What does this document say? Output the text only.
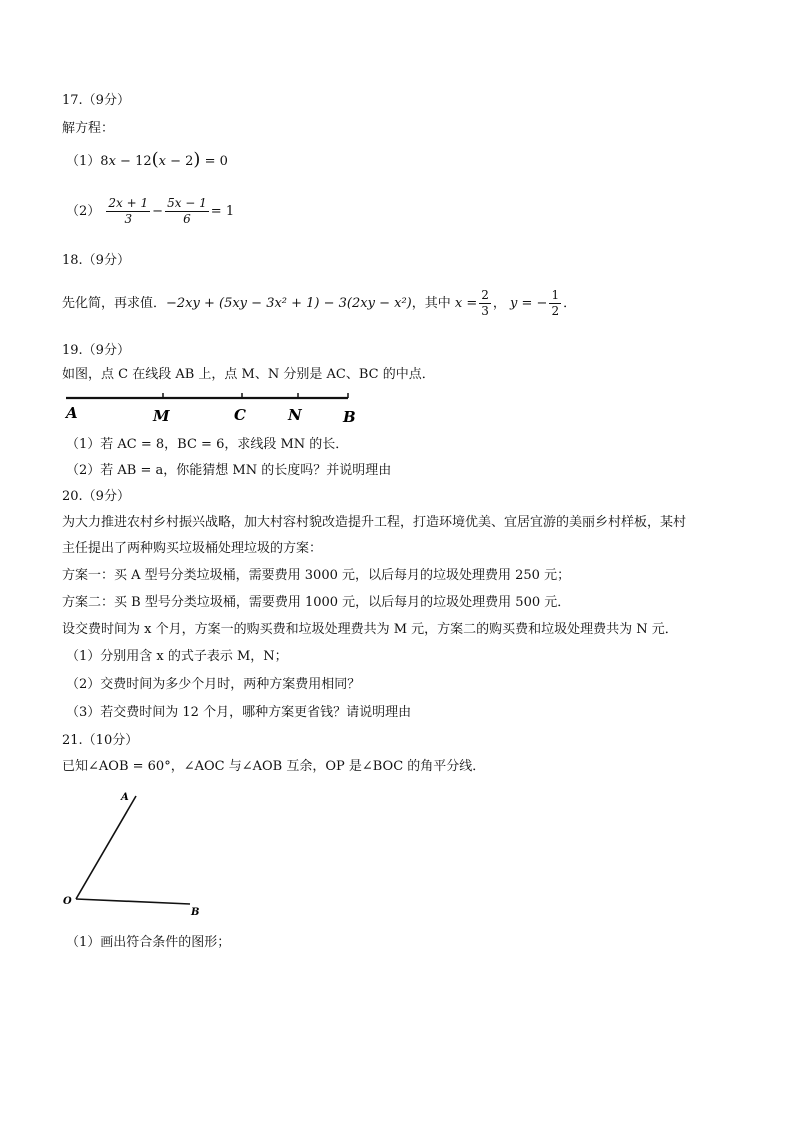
17.（9分）
解方程：
（1）8x − 12(x − 2) = 0
$(2) \frac{2x + 1}{3} - \frac{5x - 1}{6} = 1$
18.（9分）
先化简，再求值．−2xy + (5xy − 3x² + 1) − 3(2xy − x²)，其中 $x = \frac{2}{3}$ ， y = − $\frac{1}{2}$ ．
19.（9分）
如图，点 C 在线段 AB 上，点 M、N 分别是 AC、BC 的中点．
A	M	C	N	B
（1）若 AC = 8，BC = 6，求线段 MN 的长．
（2）若 AB = a，你能猜想 MN 的长度吗？并说明理由
20.（9分）
为大力推进农村乡村振兴战略，加大村容村貌改造提升工程，打造环境优美、宜居宜游的美丽乡村样板，某村
主任提出了两种购买垃圾桶处理垃圾的方案：
方案一：买 A 型号分类垃圾桶，需要费用 3000 元，以后每月的垃圾处理费用 250 元；
方案二：买 B 型号分类垃圾桶，需要费用 1000 元，以后每月的垃圾处理费用 500 元．
设交费时间为 x 个月，方案一的购买费和垃圾处理费共为 M 元，方案二的购买费和垃圾处理费共为 N 元．
（1）分别用含 x 的式子表示 M，N；
（2）交费时间为多少个月时，两种方案费用相同？
（3）若交费时间为 12 个月，哪种方案更省钱？请说明理由
21.（10分）
已知∠AOB = 60°，∠AOC 与∠AOB 互余，OP 是∠BOC 的角平分线．
A
O
B
（1）画出符合条件的图形；
